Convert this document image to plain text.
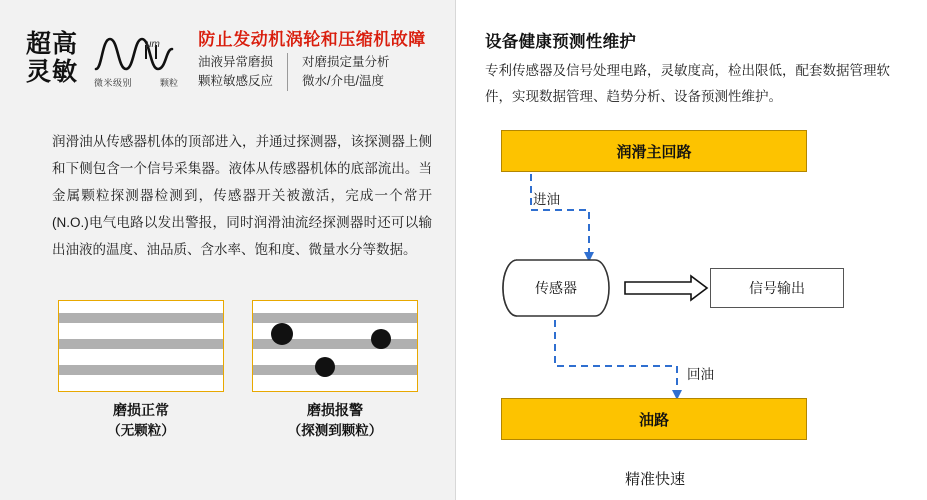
超高
灵敏
μm
微米级别	颗粒
防止发动机涡轮和压缩机故障
油液异常磨损
颗粒敏感反应
对磨损定量分析
微水/介电/温度
润滑油从传感器机体的顶部进入，并通过探测器，该探测器上侧和下侧包含一个信号采集器。液体从传感器机体的底部流出。当金属颗粒探测器检测到，传感器开关被激活，完成一个常开(N.O.)电气电路以发出警报，同时润滑油流经探测器时还可以输出油液的温度、油品质、含水率、饱和度、微量水分等数据。
磨损正常
（无颗粒）
磨损报警
（探测到颗粒）
设备健康预测性维护
专利传感器及信号处理电路，灵敏度高，检出限低，配套数据管理软件，实现数据管理、趋势分析、设备预测性维护。
润滑主回路
传感器	信号输出
进油
回油
油路
精准快速
